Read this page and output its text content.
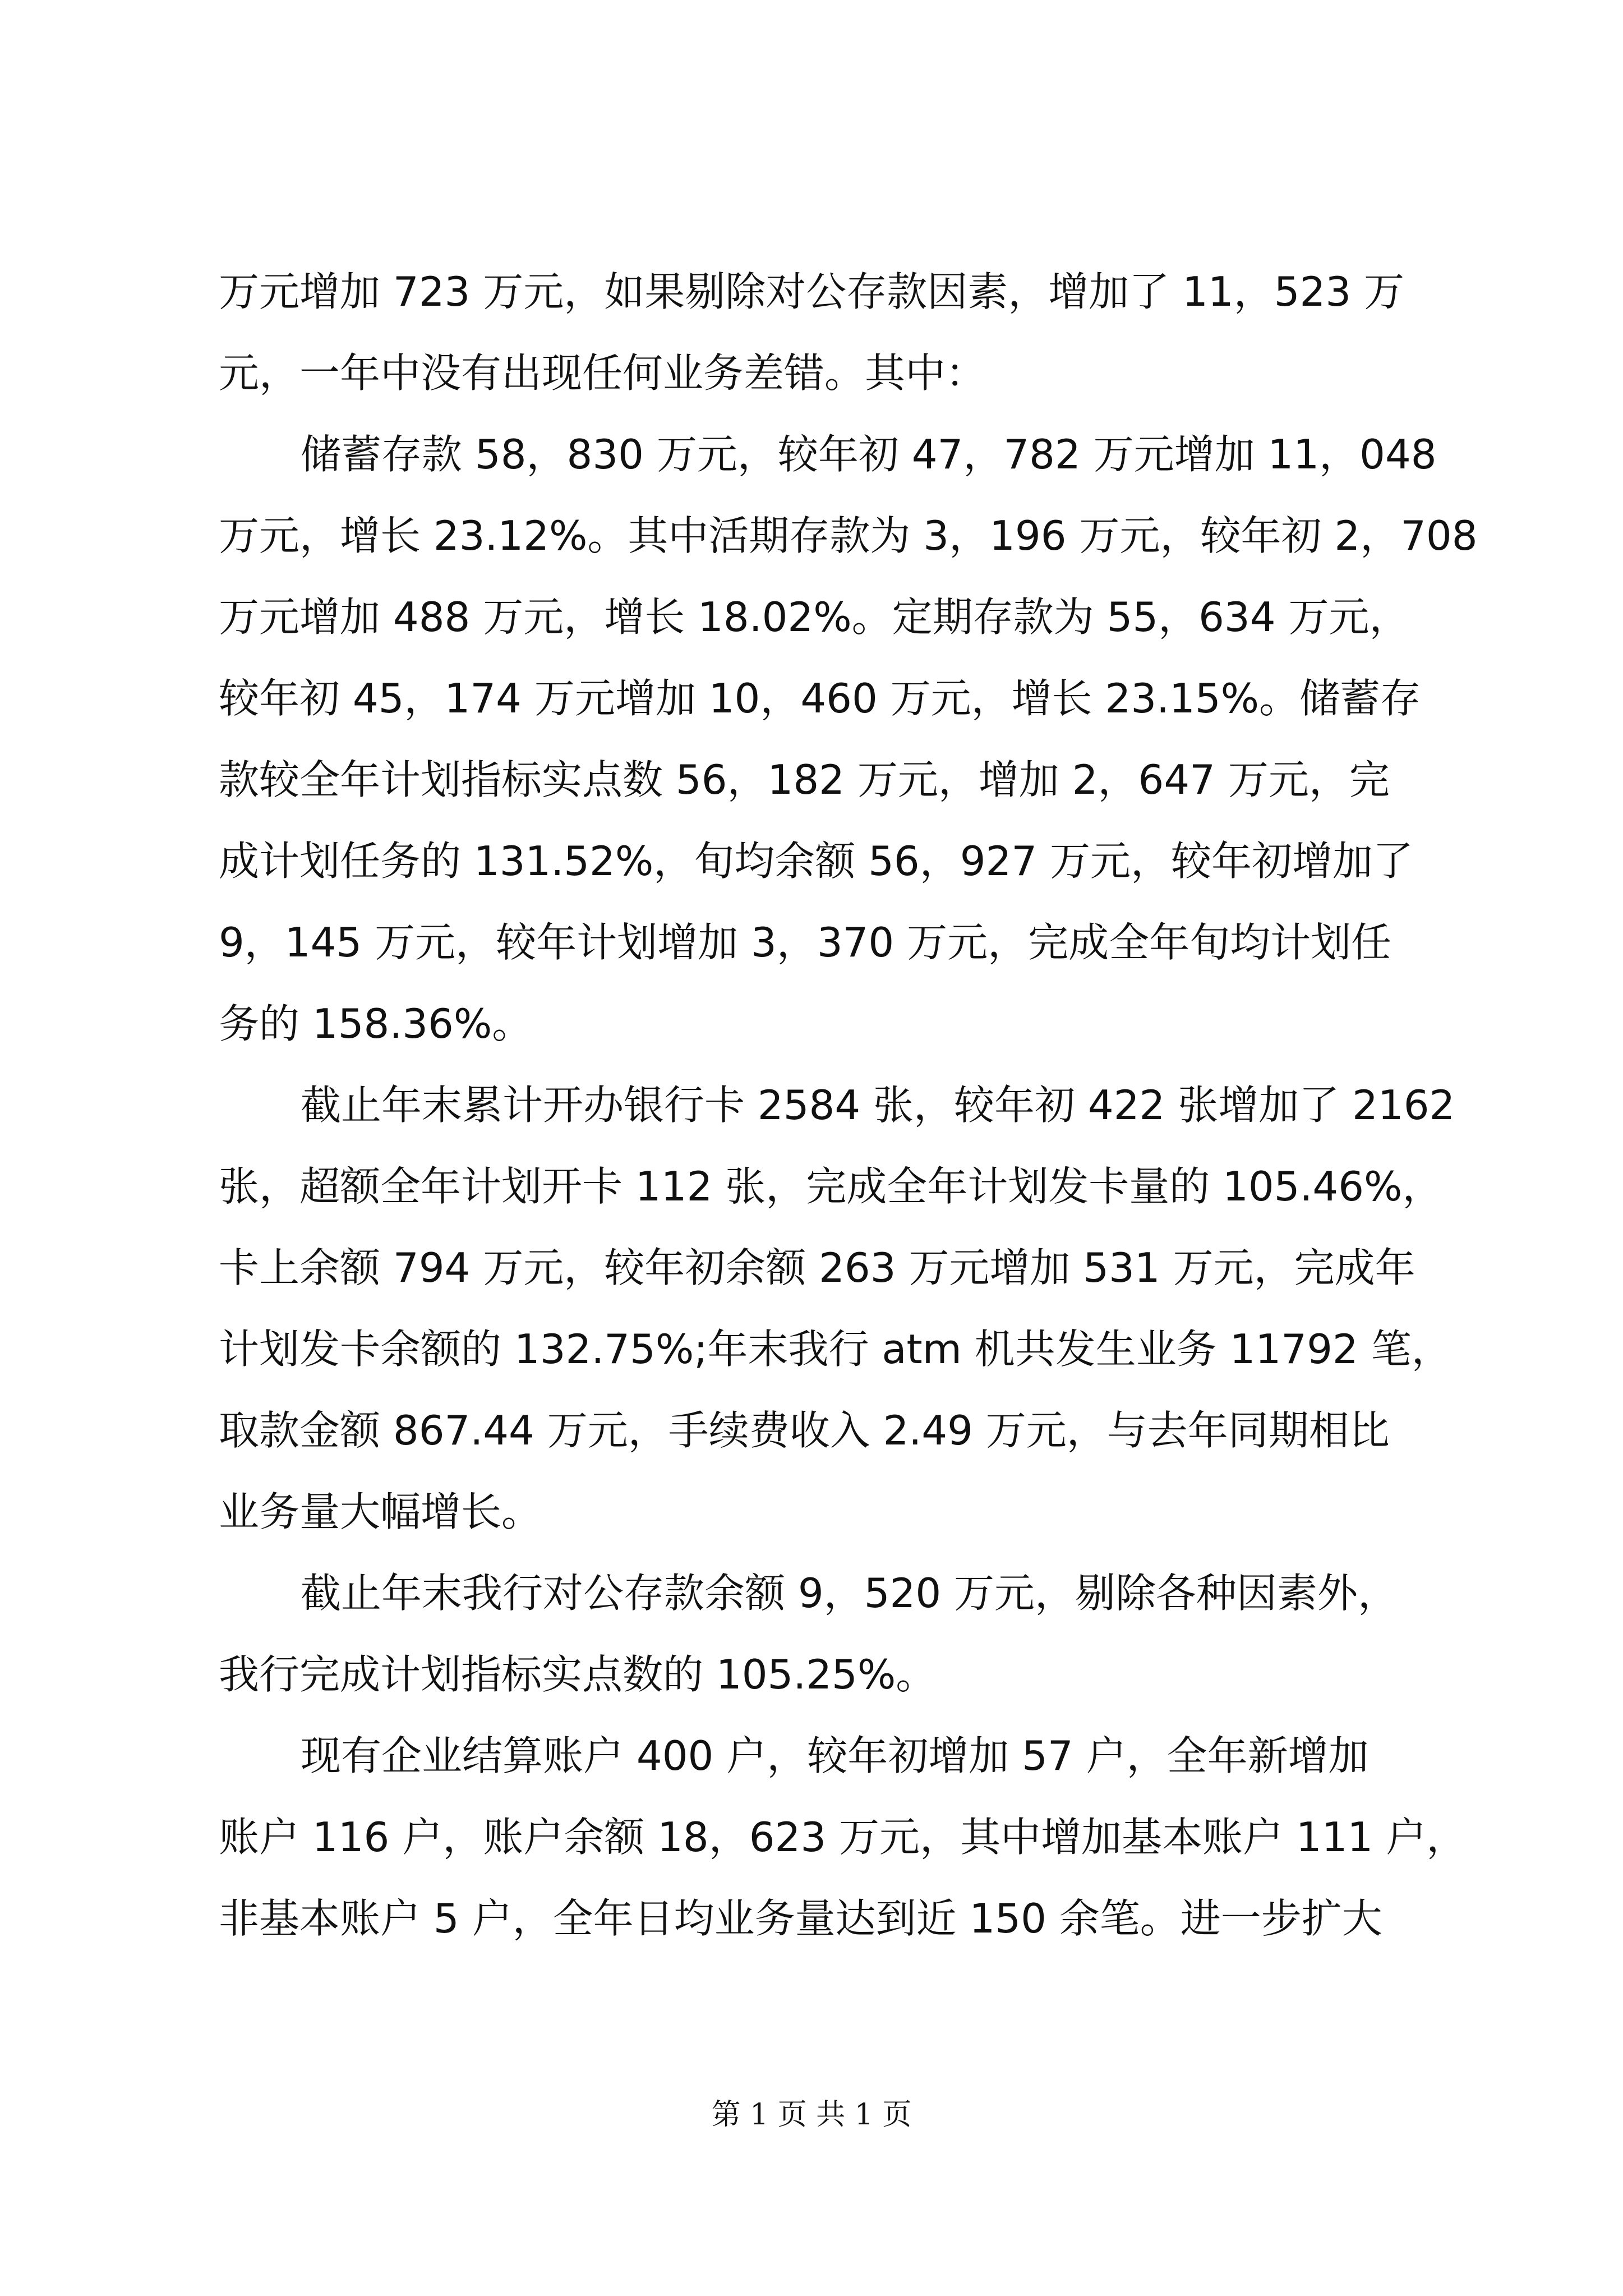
万元增加 723 万元，如果剔除对公存款因素，增加了 11，523 万
元，一年中没有出现任何业务差错。其中：
储蓄存款 58，830 万元，较年初 47，782 万元增加 11，048
万元，增长 23.12%。其中活期存款为 3，196 万元，较年初 2，708
万元增加 488 万元，增长 18.02%。定期存款为 55，634 万元，
较年初 45，174 万元增加 10，460 万元，增长 23.15%。储蓄存
款较全年计划指标实点数 56，182 万元，增加 2，647 万元，完
成计划任务的 131.52%，旬均余额 56，927 万元，较年初增加了
9，145 万元，较年计划增加 3，370 万元，完成全年旬均计划任
务的 158.36%。
截止年末累计开办银行卡 2584 张，较年初 422 张增加了 2162
张，超额全年计划开卡 112 张，完成全年计划发卡量的 105.46%，
卡上余额 794 万元，较年初余额 263 万元增加 531 万元，完成年
计划发卡余额的 132.75%;年末我行 atm 机共发生业务 11792 笔，
取款金额 867.44 万元，手续费收入 2.49 万元，与去年同期相比
业务量大幅增长。
截止年末我行对公存款余额 9，520 万元，剔除各种因素外，
我行完成计划指标实点数的 105.25%。
现有企业结算账户 400 户，较年初增加 57 户，全年新增加
账户 116 户，账户余额 18，623 万元，其中增加基本账户 111 户，
非基本账户 5 户，全年日均业务量达到近 150 余笔。进一步扩大
第 1 页 共 1 页
